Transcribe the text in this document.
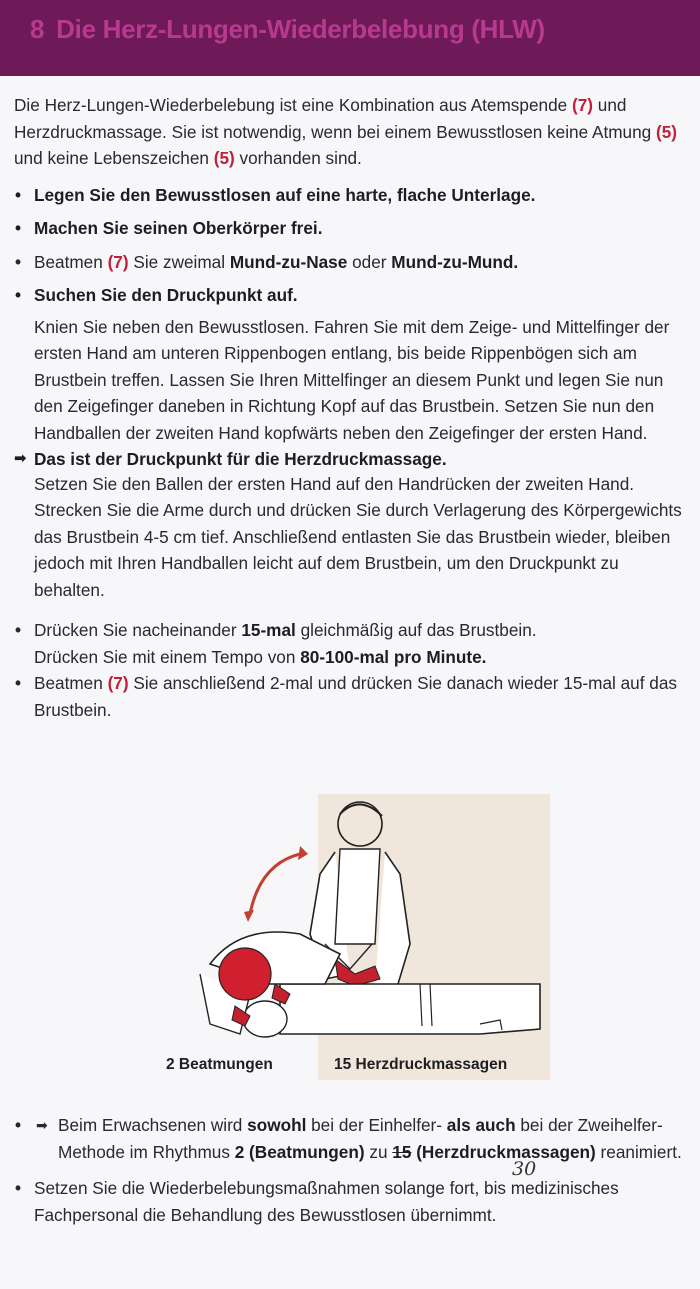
8 Die Herz-Lungen-Wiederbelebung (HLW)

Die Herz-Lungen-Wiederbelebung ist eine Kombination aus Atemspende (7) und Herzdruckmassage. Sie ist notwendig, wenn bei einem Bewusstlosen keine Atmung (5) und keine Lebenszeichen (5) vorhanden sind.

• Legen Sie den Bewusstlosen auf eine harte, flache Unterlage.
• Machen Sie seinen Oberkörper frei.
• Beatmen (7) Sie zweimal Mund-zu-Nase oder Mund-zu-Mund.
• Suchen Sie den Druckpunkt auf.

Knien Sie neben den Bewusstlosen. Fahren Sie mit dem Zeige- und Mittelfinger der ersten Hand am unteren Rippenbogen entlang, bis beide Rippenbögen sich am Brustbein treffen. Lassen Sie Ihren Mittelfinger an diesem Punkt und legen Sie nun den Zeigefinger daneben in Richtung Kopf auf das Brustbein. Setzen Sie nun den Handballen der zweiten Hand kopfwärts neben den Zeigefinger der ersten Hand.

➡ Das ist der Druckpunkt für die Herzdruckmassage.

Setzen Sie den Ballen der ersten Hand auf den Handrücken der zweiten Hand. Strecken Sie die Arme durch und drücken Sie durch Verlagerung des Körpergewichts das Brustbein 4-5 cm tief. Anschließend entlasten Sie das Brustbein wieder, bleiben jedoch mit Ihren Handballen leicht auf dem Brustbein, um den Druckpunkt zu behalten.

• Drücken Sie nacheinander 15-mal gleichmäßig auf das Brustbein.
Drücken Sie mit einem Tempo von 80-100-mal pro Minute.
• Beatmen (7) Sie anschließend 2-mal und drücken Sie danach wieder 15-mal auf das Brustbein.
2 Beatmungen	15 Herzdruckmassagen
• ➡ Beim Erwachsenen wird sowohl bei der Einhelfer- als auch bei der Zweihelfer-Methode im Rhythmus 2 (Beatmungen) zu 15 (Herzdruckmassagen) reanimiert.
• Setzen Sie die Wiederbelebungsmaßnahmen solange fort, bis medizinisches Fachpersonal die Behandlung des Bewusstlosen übernimmt.
30
